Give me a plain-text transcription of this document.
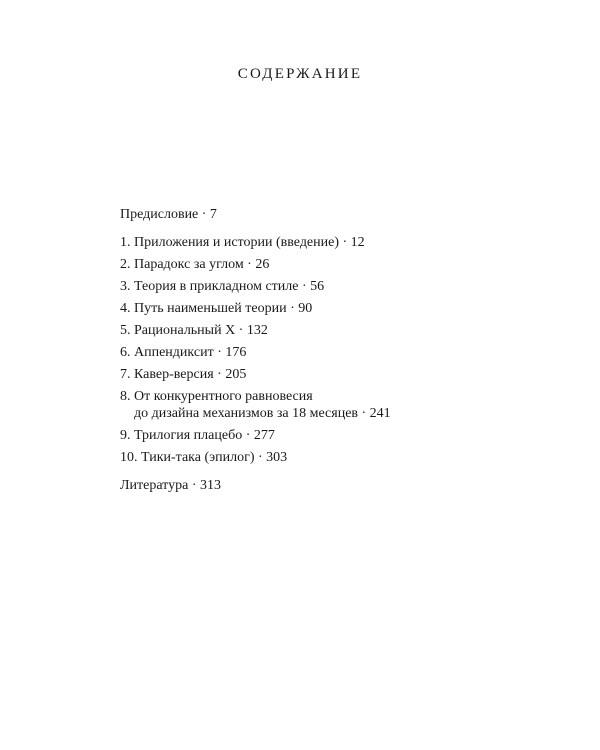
СОДЕРЖАНИЕ
Предисловие · 7
1. Приложения и истории (введение) · 12
2. Парадокс за углом · 26
3. Теория в прикладном стиле · 56
4. Путь наименьшей теории · 90
5. Рациональный X · 132
6. Аппендиксит · 176
7. Кавер-версия · 205
8. От конкурентного равновесия
до дизайна механизмов за 18 месяцев · 241
9. Трилогия плацебо · 277
10. Тики-така (эпилог) · 303
Литература · 313
